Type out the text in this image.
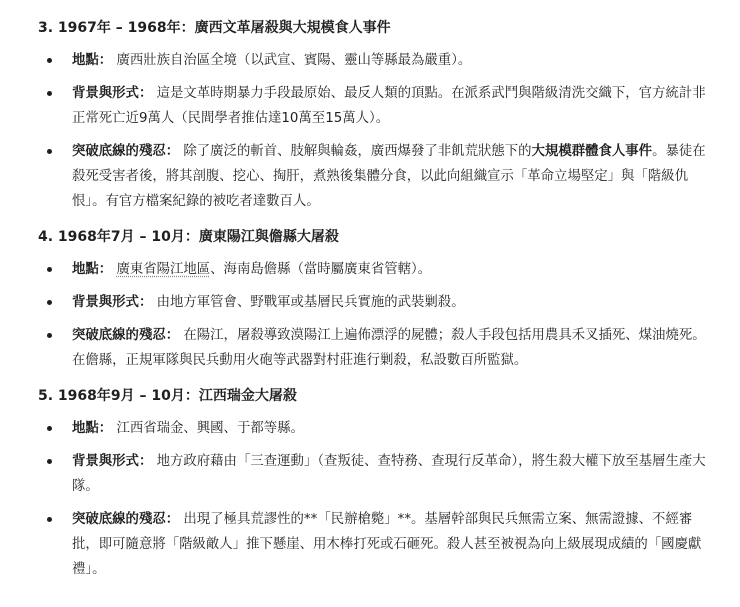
3. 1967年 – 1968年：廣西文革屠殺與大規模食人事件
地點： 廣西壯族自治區全境（以武宣、賓陽、靈山等縣最為嚴重）。
背景與形式： 這是文革時期暴力手段最原始、最反人類的頂點。在派系武鬥與階級清洗交織下，官方統計非正常死亡近9萬人（民間學者推估達10萬至15萬人）。
突破底線的殘忍： 除了廣泛的斬首、肢解與輪姦，廣西爆發了非飢荒狀態下的大規模群體食人事件。暴徒在殺死受害者後，將其剖腹、挖心、掏肝，煮熟後集體分食，以此向組織宣示「革命立場堅定」與「階級仇恨」。有官方檔案紀錄的被吃者達數百人。
4. 1968年7月 – 10月：廣東陽江與儋縣大屠殺
地點： 廣東省陽江地區、海南島儋縣（當時屬廣東省管轄）。
背景與形式： 由地方軍管會、野戰軍或基層民兵實施的武裝剿殺。
突破底線的殘忍： 在陽江，屠殺導致漠陽江上遍佈漂浮的屍體；殺人手段包括用農具禾叉插死、煤油燒死。在儋縣，正規軍隊與民兵動用火砲等武器對村莊進行剿殺，私設數百所監獄。
5. 1968年9月 – 10月：江西瑞金大屠殺
地點： 江西省瑞金、興國、于都等縣。
背景與形式： 地方政府藉由「三查運動」（查叛徒、查特務、查現行反革命），將生殺大權下放至基層生產大隊。
突破底線的殘忍： 出現了極具荒謬性的**「民辦槍斃」**。基層幹部與民兵無需立案、無需證據、不經審批，即可隨意將「階級敵人」推下懸崖、用木棒打死或石砸死。殺人甚至被視為向上級展現成績的「國慶獻禮」。
